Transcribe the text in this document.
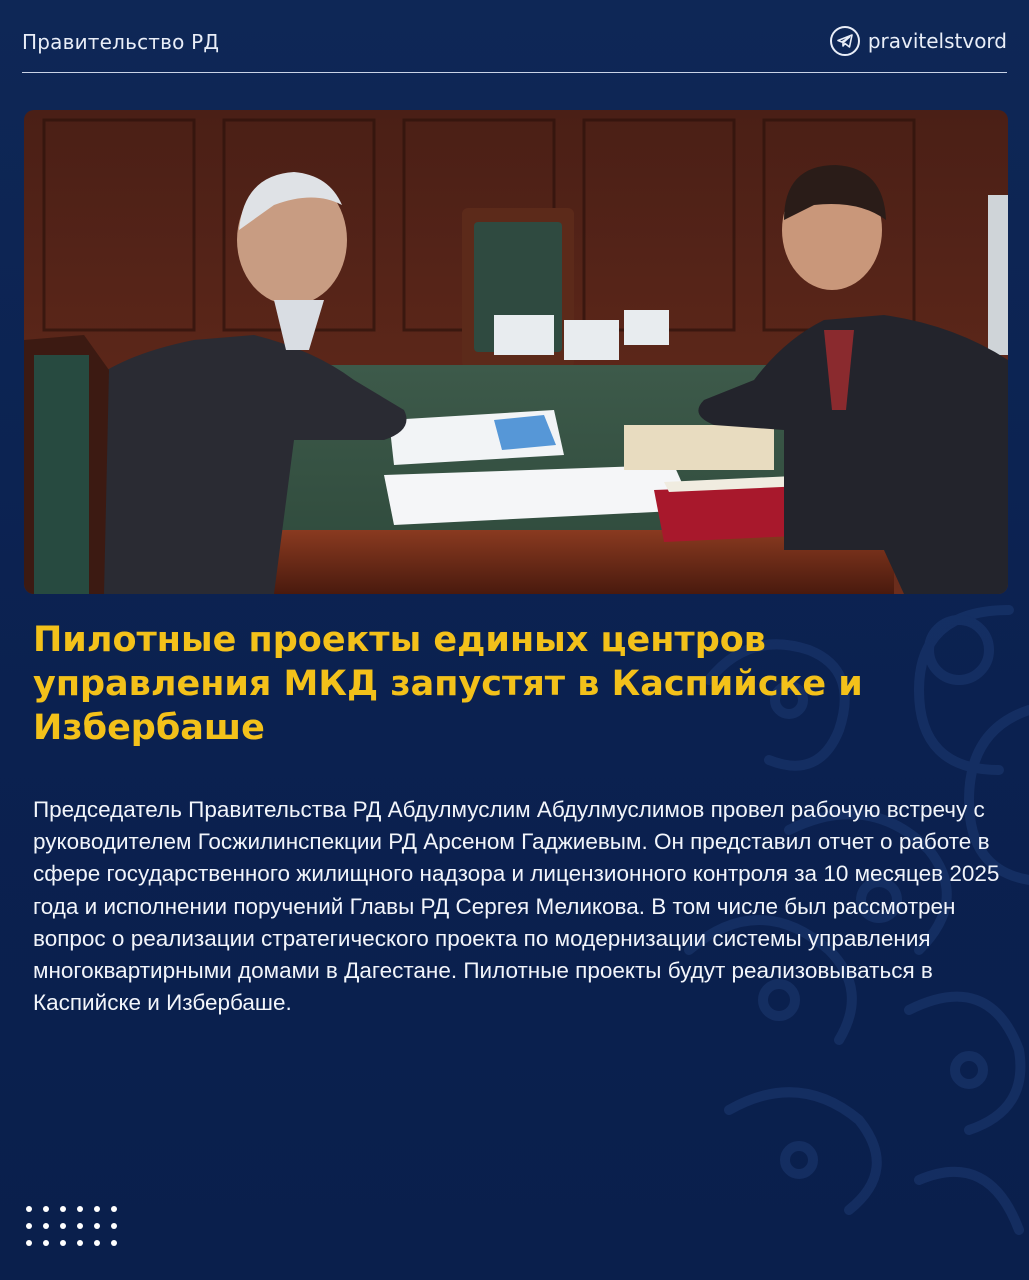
Правительство РД	pravitelstvord
Пилотные проекты единых центров управления МКД запустят в Каспийске и Избербаше

Председатель Правительства РД Абдулмуслим Абдулмуслимов провел рабочую встречу с руководителем Госжилинспекции РД Арсеном Гаджиевым. Он представил отчет о работе в сфере государственного жилищного надзора и лицензионного контроля за 10 месяцев 2025 года и исполнении поручений Главы РД Сергея Меликова. В том числе был рассмотрен вопрос о реализации стратегического проекта по модернизации системы управления многоквартирными домами в Дагестане. Пилотные проекты будут реализовываться в Каспийске и Избербаше.
